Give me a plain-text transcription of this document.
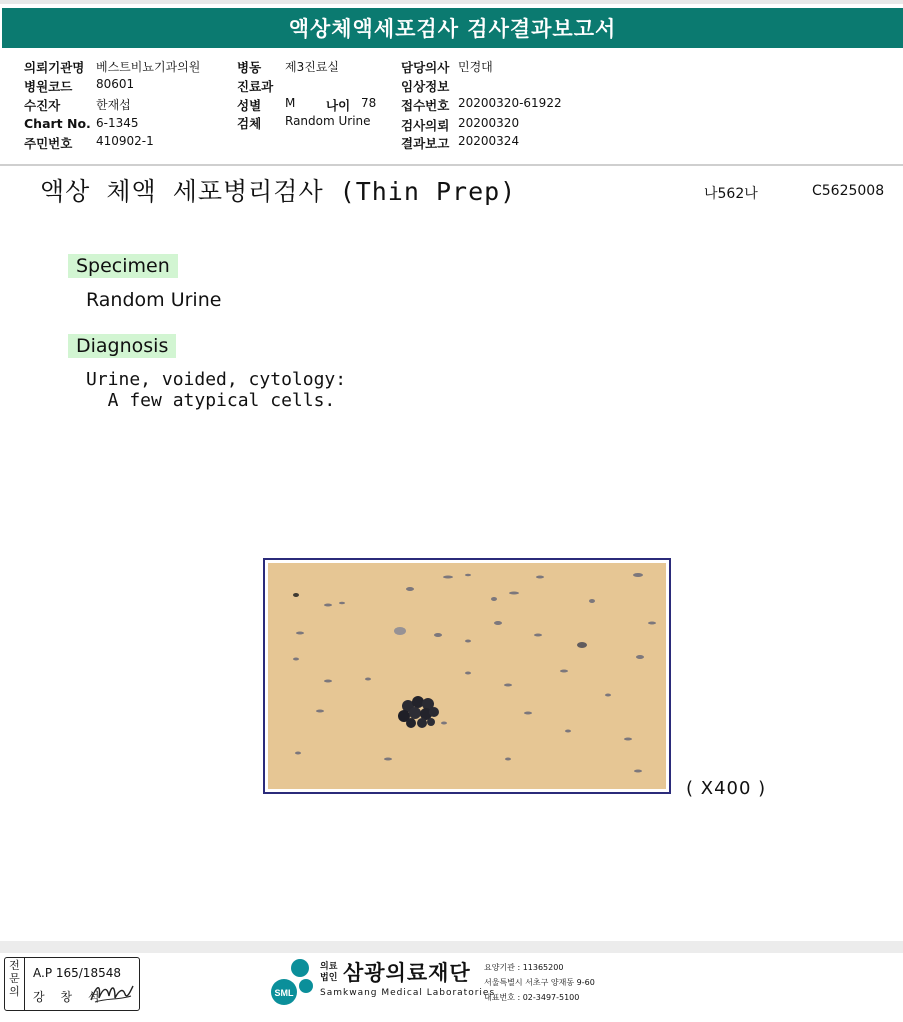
액상체액세포검사 검사결과보고서
의뢰기관명 베스트비뇨기과의원
병원코드 80601
수진자	한재섭
Chart No. 6-1345
주민번호 410902-1
병동 제3진료실
진료과
성별 M 나이 78
검체 Random Urine
담당의사 민경대
임상정보
접수번호 20200320-61922
검사의뢰 20200320
결과보고 20200324
액상 체액 세포병리검사 (Thin Prep)	나562나	C5625008
Specimen
Random Urine
Diagnosis
Urine, voided, cytology:
A few atypical cells.
( X400 )
전
문
의
A.P 165/18548
강 창 석	SML
의료
법인 삼광의료재단
Samkwang Medical Laboratories
요양기관 : 11365200
서울특별시 서초구 양재동 9-60
대표번호 : 02-3497-5100
